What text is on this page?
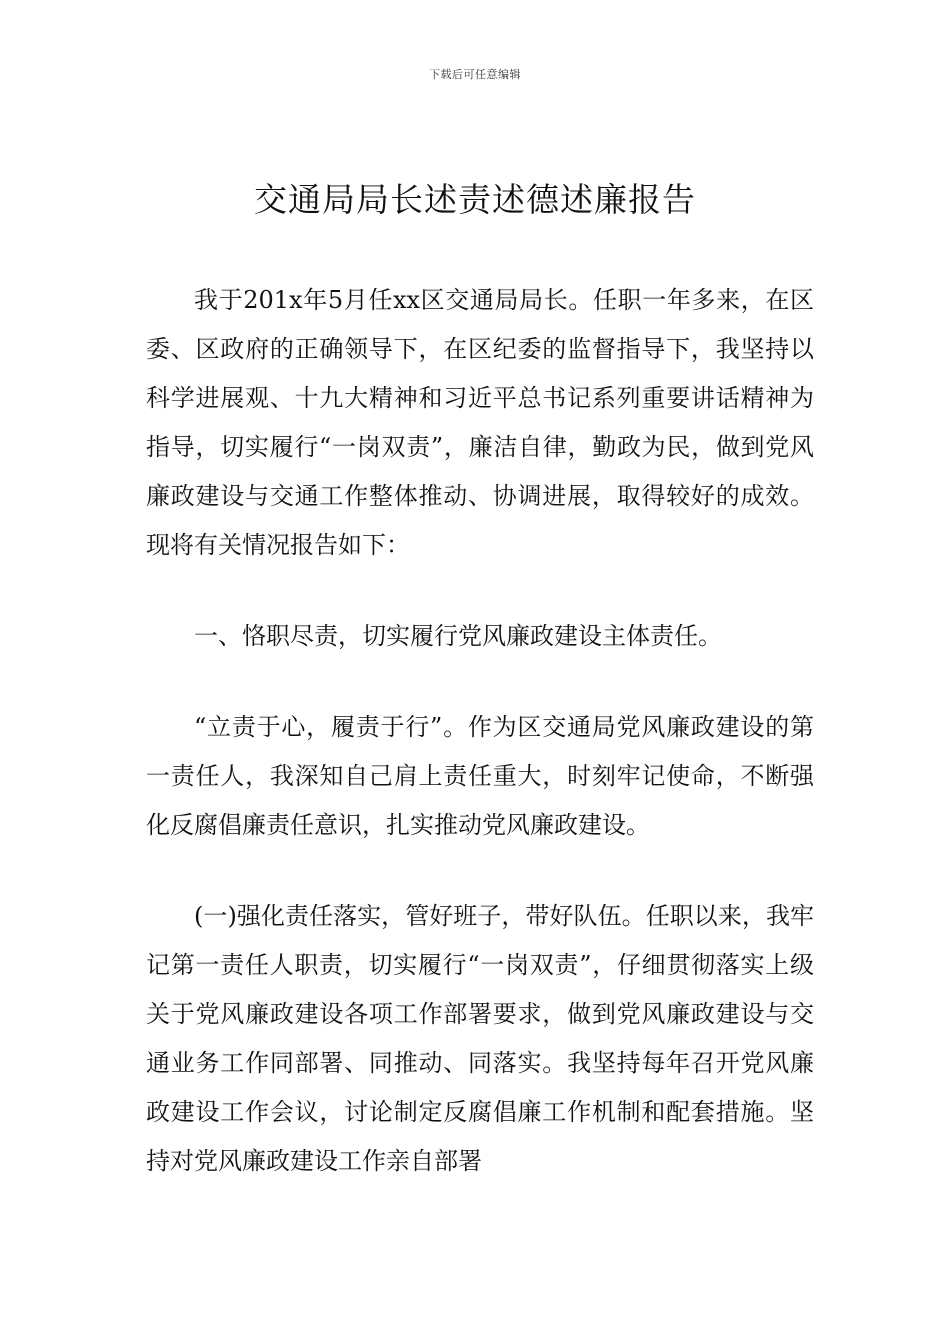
下载后可任意编辑
交通局局长述责述德述廉报告

我于201x年5月任xx区交通局局长。任职一年多来，在区委、区政府的正确领导下，在区纪委的监督指导下，我坚持以科学进展观、十九大精神和习近平总书记系列重要讲话精神为指导，切实履行“一岗双责”，廉洁自律，勤政为民，做到党风廉政建设与交通工作整体推动、协调进展，取得较好的成效。现将有关情况报告如下：

一、恪职尽责，切实履行党风廉政建设主体责任。

“立责于心，履责于行”。作为区交通局党风廉政建设的第一责任人，我深知自己肩上责任重大，时刻牢记使命，不断强化反腐倡廉责任意识，扎实推动党风廉政建设。

(一)强化责任落实，管好班子，带好队伍。任职以来，我牢记第一责任人职责，切实履行“一岗双责”，仔细贯彻落实上级关于党风廉政建设各项工作部署要求，做到党风廉政建设与交通业务工作同部署、同推动、同落实。我坚持每年召开党风廉政建设工作会议，讨论制定反腐倡廉工作机制和配套措施。坚持对党风廉政建设工作亲自部署
